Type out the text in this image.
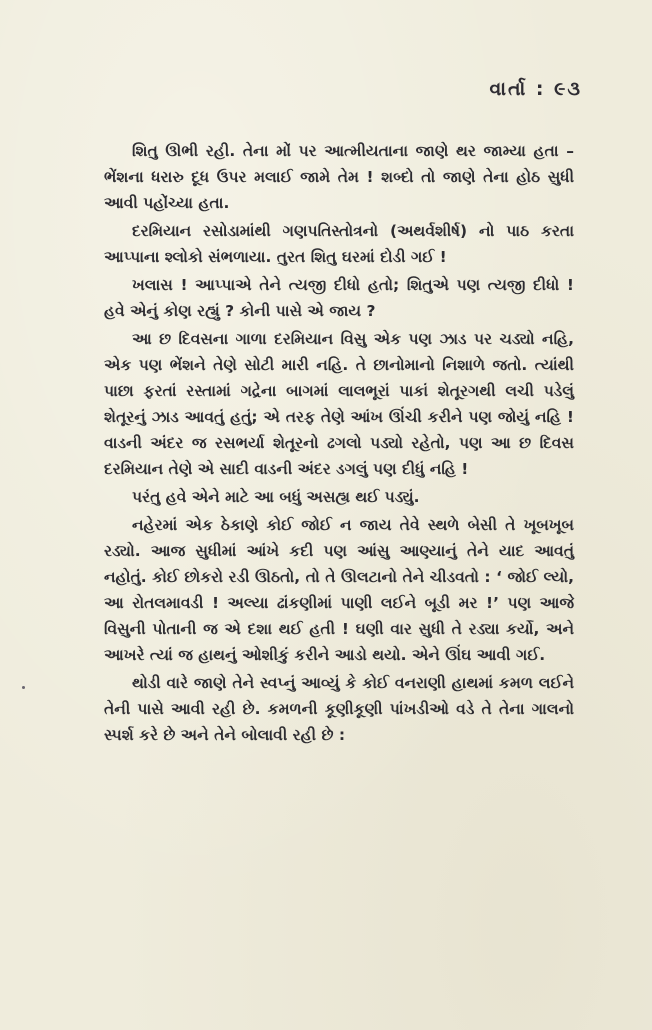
વાર્તા : ૯૩

શિતુ ઊભી રહી. તેના મોં પર આત્મીયતાના જાણે થર જામ્યા હતા – ભેંશના ધરારુ દૂધ ઉપર મલાઈ જામે તેમ ! શબ્દો તો જાણે તેના હોઠ સુધી આવી પહોંચ્યા હતા.

દરમિયાન રસોડામાંથી ગણપતિસ્તોત્રનો (અથર્વશીર્ષ) નો પાઠ કરતા આપ્પાના શ્લોકો સંભળાયા. તુરત શિતુ ઘરમાં દોડી ગઈ !

ખલાસ ! આપ્પાએ તેને ત્યજી દીધો હતો; શિતુએ પણ ત્યજી દીધો ! હવે એનું કોણ રહ્યું ? કોની પાસે એ જાય ?

આ છ દિવસના ગાળા દરમિયાન વિસુ એક પણ ઝાડ પર ચડ્યો નહિ, એક પણ ભેંશને તેણે સોટી મારી નહિ. તે છાનોમાનો નિશાળે જતો. ત્યાંથી પાછા ફરતાં રસ્તામાં ગદ્રેના બાગમાં લાલભૂરાં પાકાં શેતૂરગથી લચી પડેલું શેતૂરનું ઝાડ આવતું હતું; એ તરફ તેણે આંખ ઊંચી કરીને પણ જોયું નહિ ! વાડની અંદર જ રસભર્યા શેતૂરનો ઢગલો પડ્યો રહેતો, પણ આ છ દિવસ દરમિયાન તેણે એ સાદી વાડની અંદર ડગલું પણ દીધું નહિ !

પરંતુ હવે એને માટે આ બધું અસહ્ય થઈ પડ્યું.

નહેરમાં એક ઠેકાણે કોઈ જોઈ ન જાય તેવે સ્થળે બેસી તે ખૂબખૂબ રડ્યો. આજ સુધીમાં આંખે કદી પણ આંસુ આણ્યાનું તેને યાદ આવતું નહોતું. કોઈ છોકરો રડી ઊઠતો, તો તે ઊલટાનો તેને ચીડવતો : ‘ જોઈ લ્યો, આ રોતલમાવડી ! અલ્યા ઢાંકણીમાં પાણી લઈને બૂડી મર !’ પણ આજે વિસુની પોતાની જ એ દશા થઈ હતી ! ઘણી વાર સુધી તે રડ્યા કર્યો, અને આખરે ત્યાં જ હાથનું ઓશીકું કરીને આડો થયો. એને ઊંઘ આવી ગઈ.

થોડી વારે જાણે તેને સ્વપ્નું આવ્યું કે કોઈ વનરાણી હાથમાં કમળ લઈને તેની પાસે આવી રહી છે. કમળની કૂણીકૂણી પાંખડીઓ વડે તે તેના ગાલનો સ્પર્શ કરે છે અને તેને બોલાવી રહી છે :
